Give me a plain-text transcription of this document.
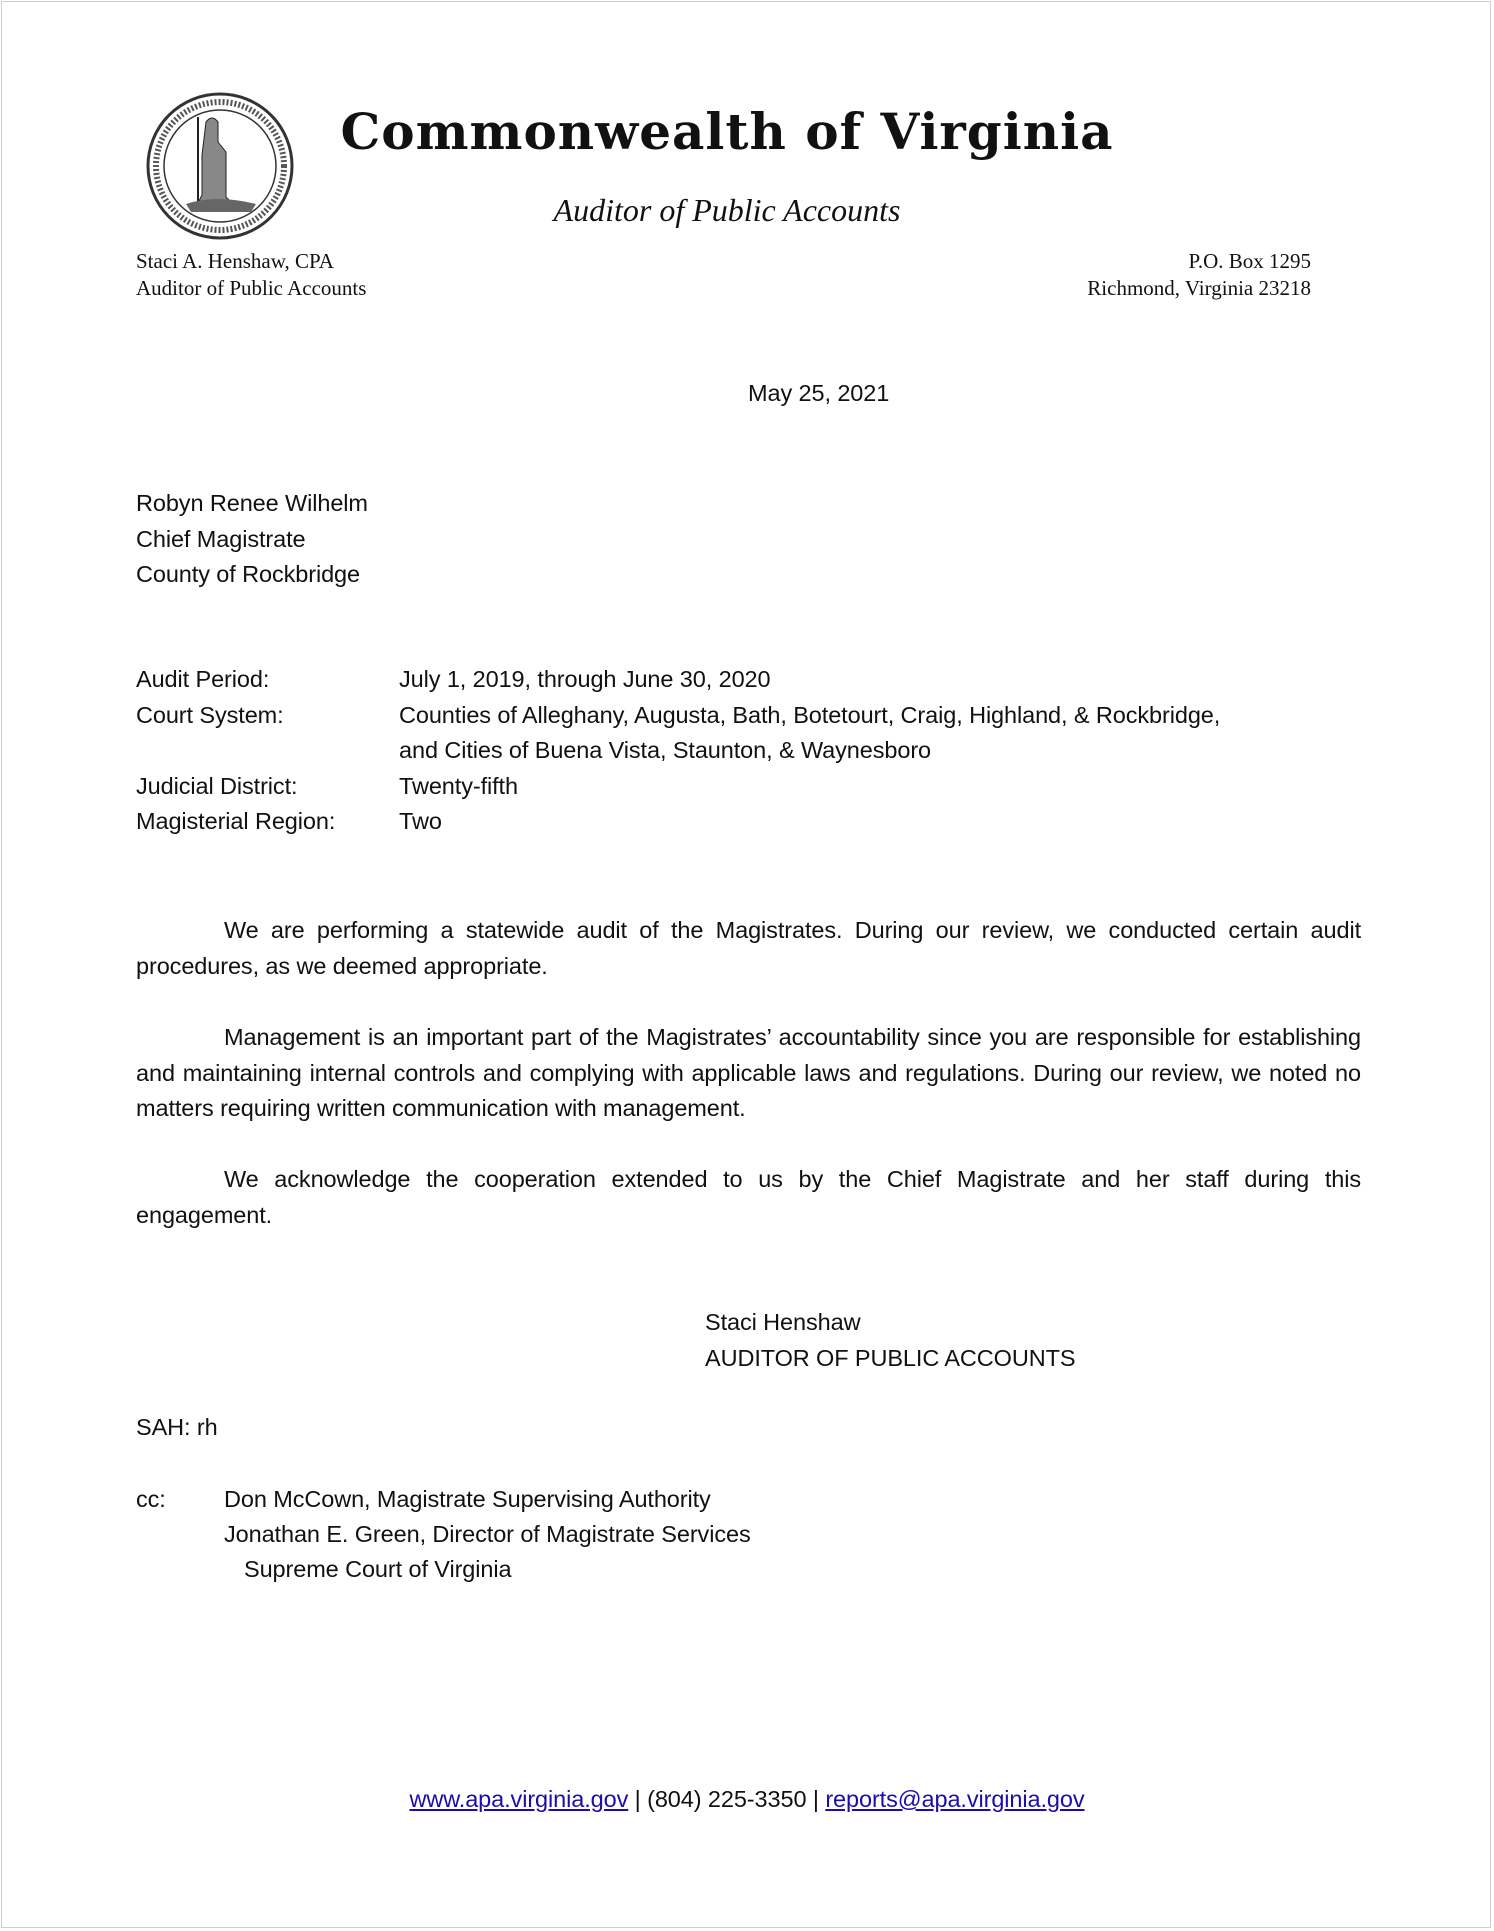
Commonwealth of Virginia
Auditor of Public Accounts
Staci A. Henshaw, CPA
Auditor of Public Accounts
P.O. Box 1295
Richmond, Virginia 23218
May 25, 2021
Robyn Renee Wilhelm
Chief Magistrate
County of Rockbridge
Audit Period:	July 1, 2019, through June 30, 2020
Court System:	Counties of Alleghany, Augusta, Bath, Botetourt, Craig, Highland, & Rockbridge,
and Cities of Buena Vista, Staunton, & Waynesboro
Judicial District:	Twenty-fifth
Magisterial Region:	Two

We are performing a statewide audit of the Magistrates. During our review, we conducted certain audit procedures, as we deemed appropriate.

Management is an important part of the Magistrates’ accountability since you are responsible for establishing and maintaining internal controls and complying with applicable laws and regulations. During our review, we noted no matters requiring written communication with management.

We acknowledge the cooperation extended to us by the Chief Magistrate and her staff during this engagement.

Staci Henshaw
AUDITOR OF PUBLIC ACCOUNTS
SAH: rh
cc: Don McCown, Magistrate Supervising Authority
Jonathan E. Green, Director of Magistrate Services
Supreme Court of Virginia
www.apa.virginia.gov | (804) 225-3350 | reports@apa.virginia.gov
